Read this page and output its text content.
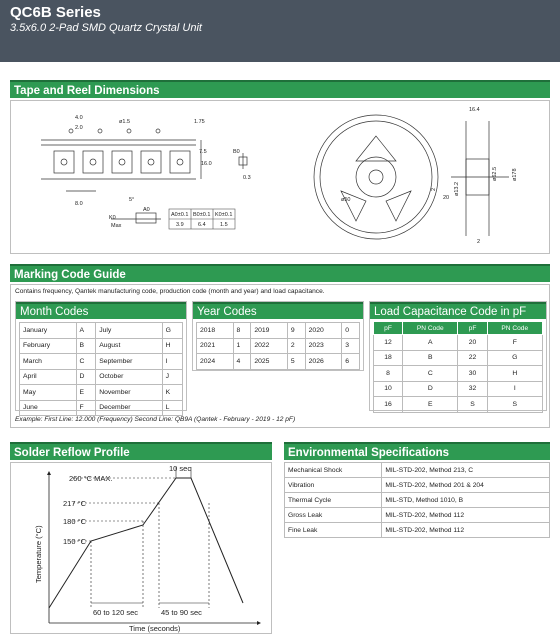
QC6B Series
3.5x6.0 2-Pad SMD Quartz Crystal Unit
Tape and Reel Dimensions
4.0
2.0
ø1.5	1.75
7.5
16.0
8.0
B0
0.3
A0
K0
5°
Max
A0±0.1 B0±0.1 K0±0.1
3.9	6.4	1.5
16.4
ø178
ø62.5
ø13.2
ø50
2
20
2
Marking Code Guide
Contains frequency, Qantek manufacturing code, production code (month and year) and load capacitance.
Month Codes
January	A	July	G
February	B	August	H
March	C	September	I
April	D	October	J
May	E	November	K
June	F	December	L
Year Codes
2018	8	2019	9	2020	0
2021	1	2022	2	2023	3
2024	4	2025	5	2026	6
Load Capacitance Code in pF
pF	PN Code	pF	PN Code
12	A	20	F
18	B	22	G
8	C	30	H
10	D	32	I
16	E	S	S
Example: First Line: 12.000 (Frequency) Second Line: QB9A (Qantek - February - 2019 - 12 pF)
Solder Reflow Profile
260 °C MAX.
217 °C
180 °C
150 °C
10 sec
60 to 120 sec	45 to 90 sec
Time (seconds)
Temperature (°C)
Environmental Specifications
Mechanical Shock	MIL-STD-202, Method 213, C
Vibration	MIL-STD-202, Method 201 & 204
Thermal Cycle	MIL-STD, Method 1010, B
Gross Leak	MIL-STD-202, Method 112
Fine Leak	MIL-STD-202, Method 112
